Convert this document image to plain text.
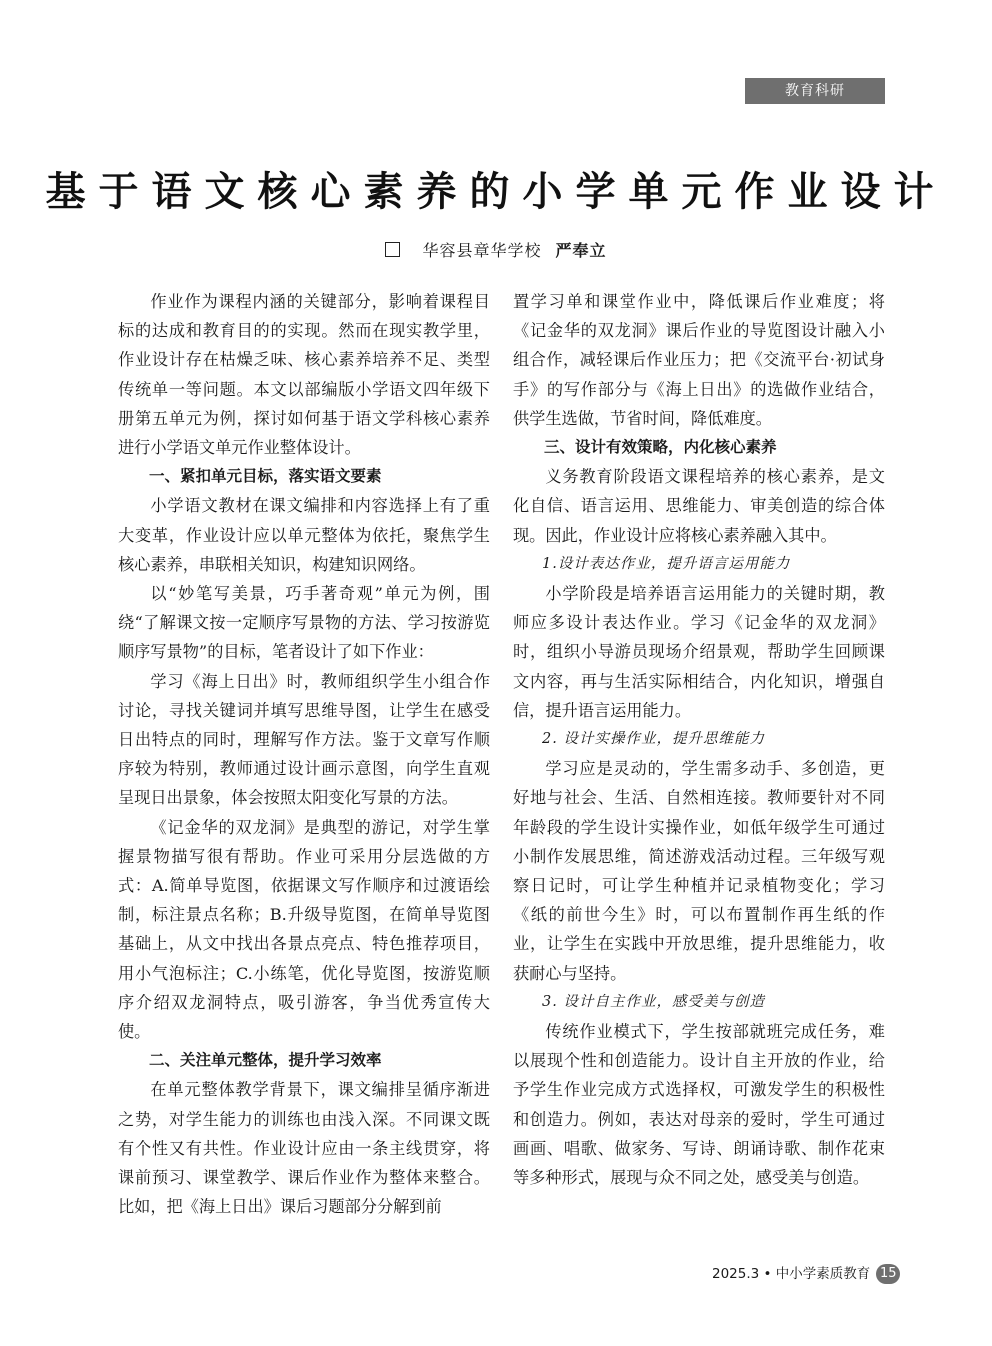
教育科研
基于语文核心素养的小学单元作业设计
华容县章华学校 严奉立

作业作为课程内涵的关键部分，影响着课程目标的达成和教育目的的实现。然而在现实教学里，作业设计存在枯燥乏味、核心素养培养不足、类型传统单一等问题。本文以部编版小学语文四年级下册第五单元为例，探讨如何基于语文学科核心素养进行小学语文单元作业整体设计。

一、紧扣单元目标，落实语文要素

小学语文教材在课文编排和内容选择上有了重大变革，作业设计应以单元整体为依托，聚焦学生核心素养，串联相关知识，构建知识网络。

以“妙笔写美景，巧手著奇观”单元为例，围绕“了解课文按一定顺序写景物的方法、学习按游览顺序写景物”的目标，笔者设计了如下作业：

学习《海上日出》时，教师组织学生小组合作讨论，寻找关键词并填写思维导图，让学生在感受日出特点的同时，理解写作方法。鉴于文章写作顺序较为特别，教师通过设计画示意图，向学生直观呈现日出景象，体会按照太阳变化写景的方法。

《记金华的双龙洞》是典型的游记，对学生掌握景物描写很有帮助。作业可采用分层选做的方式：A.简单导览图，依据课文写作顺序和过渡语绘制，标注景点名称；B.升级导览图，在简单导览图基础上，从文中找出各景点亮点、特色推荐项目，用小气泡标注；C.小练笔，优化导览图，按游览顺序介绍双龙洞特点，吸引游客，争当优秀宣传大使。

二、关注单元整体，提升学习效率

在单元整体教学背景下，课文编排呈循序渐进之势，对学生能力的训练也由浅入深。不同课文既有个性又有共性。作业设计应由一条主线贯穿，将课前预习、课堂教学、课后作业作为整体来整合。比如，把《海上日出》课后习题部分分解到前

置学习单和课堂作业中，降低课后作业难度；将《记金华的双龙洞》课后作业的导览图设计融入小组合作，减轻课后作业压力；把《交流平台·初试身手》的写作部分与《海上日出》的选做作业结合，供学生选做，节省时间，降低难度。

三、设计有效策略，内化核心素养

义务教育阶段语文课程培养的核心素养，是文化自信、语言运用、思维能力、审美创造的综合体现。因此，作业设计应将核心素养融入其中。

1.设计表达作业，提升语言运用能力

小学阶段是培养语言运用能力的关键时期，教师应多设计表达作业。学习《记金华的双龙洞》时，组织小导游员现场介绍景观，帮助学生回顾课文内容，再与生活实际相结合，内化知识，增强自信，提升语言运用能力。

2. 设计实操作业，提升思维能力

学习应是灵动的，学生需多动手、多创造，更好地与社会、生活、自然相连接。教师要针对不同年龄段的学生设计实操作业，如低年级学生可通过小制作发展思维，简述游戏活动过程。三年级写观察日记时，可让学生种植并记录植物变化；学习《纸的前世今生》时，可以布置制作再生纸的作业，让学生在实践中开放思维，提升思维能力，收获耐心与坚持。

3. 设计自主作业，感受美与创造

传统作业模式下，学生按部就班完成任务，难以展现个性和创造能力。设计自主开放的作业，给予学生作业完成方式选择权，可激发学生的积极性和创造力。例如，表达对母亲的爱时，学生可通过画画、唱歌、做家务、写诗、朗诵诗歌、制作花束等多种形式，展现与众不同之处，感受美与创造。

2025.3 • 中小学素质教育 15
